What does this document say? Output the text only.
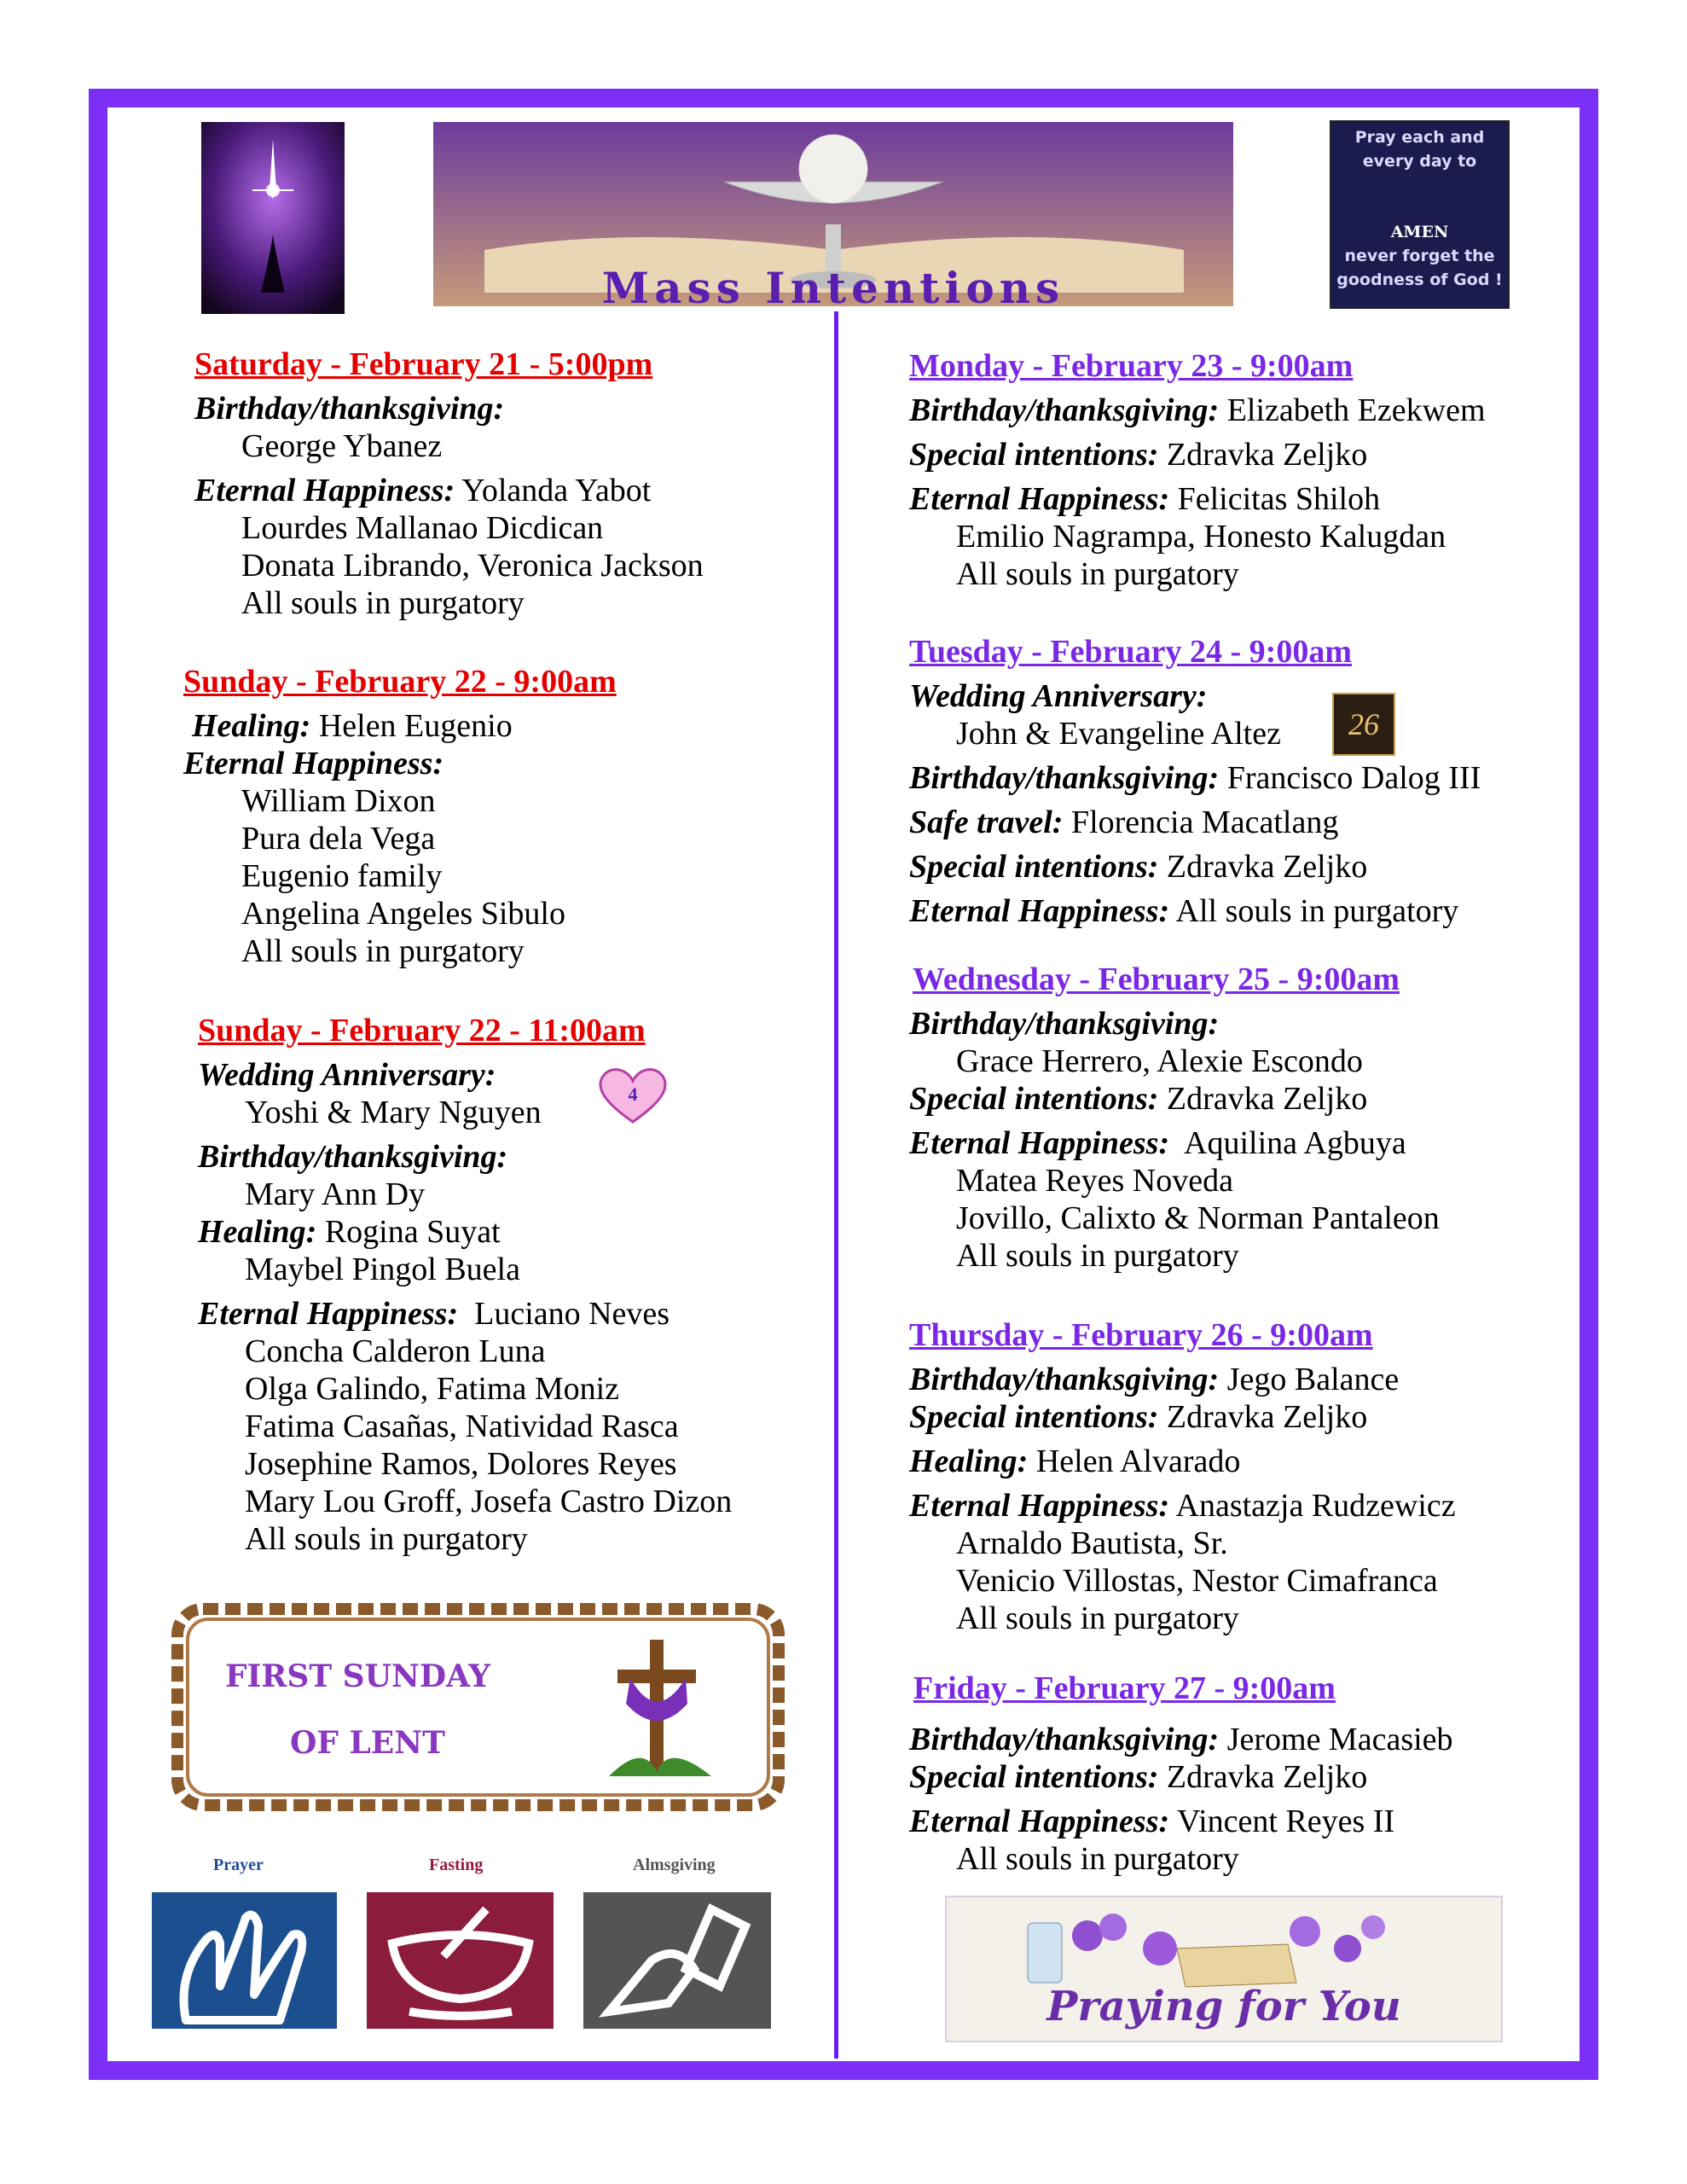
Mass Intentions
Pray each and
every day to
AMEN
never forget the
goodness of God !
Saturday - February 21 - 5:00pm
Birthday/thanksgiving:
George Ybanez
Eternal Happiness: Yolanda Yabot
Lourdes Mallanao Dicdican
Donata Librando, Veronica Jackson
All souls in purgatory
Sunday - February 22 - 9:00am
Healing: Helen Eugenio
Eternal Happiness:
William Dixon
Pura dela Vega
Eugenio family
Angelina Angeles Sibulo
All souls in purgatory
Sunday - February 22 - 11:00am
Wedding Anniversary:
Yoshi & Mary Nguyen
Birthday/thanksgiving:
Mary Ann Dy
Healing: Rogina Suyat
Maybel Pingol Buela
Eternal Happiness: Luciano Neves
Concha Calderon Luna
Olga Galindo, Fatima Moniz
Fatima Casañas, Natividad Rasca
Josephine Ramos, Dolores Reyes
Mary Lou Groff, Josefa Castro Dizon
All souls in purgatory
4
FIRST SUNDAY
OF LENT
Prayer	Fasting	Almsgiving
Monday - February 23 - 9:00am
Birthday/thanksgiving: Elizabeth Ezekwem
Special intentions: Zdravka Zeljko
Eternal Happiness: Felicitas Shiloh
Emilio Nagrampa, Honesto Kalugdan
All souls in purgatory
Tuesday - February 24 - 9:00am
Wedding Anniversary:
John & Evangeline Altez
Birthday/thanksgiving: Francisco Dalog III
Safe travel: Florencia Macatlang
Special intentions: Zdravka Zeljko
Eternal Happiness: All souls in purgatory
26
Wednesday - February 25 - 9:00am
Birthday/thanksgiving:
Grace Herrero, Alexie Escondo
Special intentions: Zdravka Zeljko
Eternal Happiness: Aquilina Agbuya
Matea Reyes Noveda
Jovillo, Calixto & Norman Pantaleon
All souls in purgatory
Thursday - February 26 - 9:00am
Birthday/thanksgiving: Jego Balance
Special intentions: Zdravka Zeljko
Healing: Helen Alvarado
Eternal Happiness: Anastazja Rudzewicz
Arnaldo Bautista, Sr.
Venicio Villostas, Nestor Cimafranca
All souls in purgatory
Friday - February 27 - 9:00am
Birthday/thanksgiving: Jerome Macasieb
Special intentions: Zdravka Zeljko
Eternal Happiness: Vincent Reyes II
All souls in purgatory
Praying for You
